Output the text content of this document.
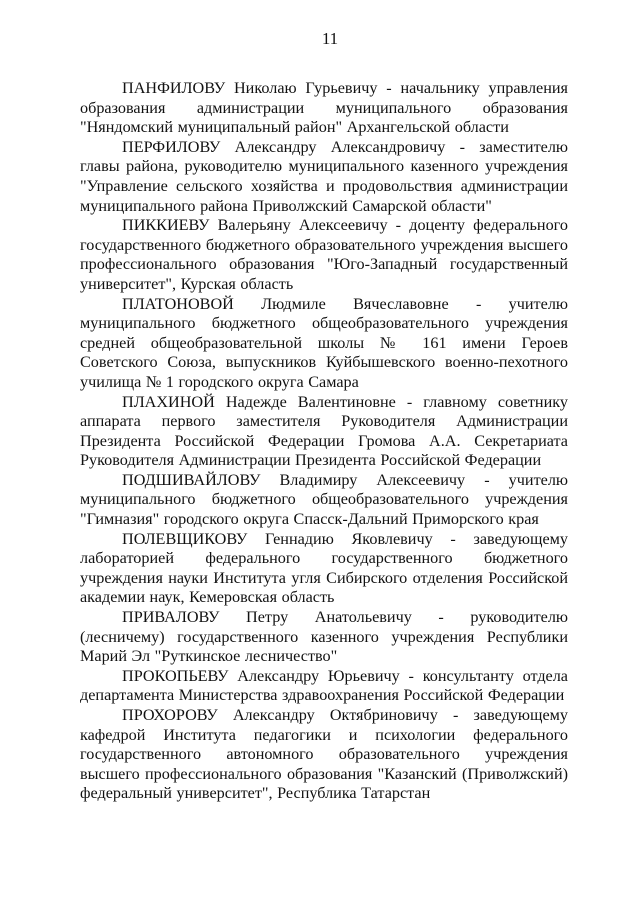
11

ПАНФИЛОВУ Николаю Гурьевичу - начальнику управления образования администрации муниципального образования "Няндомский муниципальный район" Архангельской области

ПЕРФИЛОВУ Александру Александровичу - заместителю главы района, руководителю муниципального казенного учреждения "Управление сельского хозяйства и продовольствия администрации муниципального района Приволжский Самарской области"

ПИККИЕВУ Валерьяну Алексеевичу - доценту федерального государственного бюджетного образовательного учреждения высшего профессионального образования "Юго-Западный государственный университет", Курская область

ПЛАТОНОВОЙ Людмиле Вячеславовне - учителю муниципального бюджетного общеобразовательного учреждения средней общеобразовательной школы № 161 имени Героев Советского Союза, выпускников Куйбышевского военно-пехотного училища № 1 городского округа Самара

ПЛАХИНОЙ Надежде Валентиновне - главному советнику аппарата первого заместителя Руководителя Администрации Президента Российской Федерации Громова А.А. Секретариата Руководителя Администрации Президента Российской Федерации

ПОДШИВАЙЛОВУ Владимиру Алексеевичу - учителю муниципального бюджетного общеобразовательного учреждения "Гимназия" городского округа Спасск-Дальний Приморского края

ПОЛЕВЩИКОВУ Геннадию Яковлевичу - заведующему лабораторией федерального государственного бюджетного учреждения науки Института угля Сибирского отделения Российской академии наук, Кемеровская область

ПРИВАЛОВУ Петру Анатольевичу - руководителю (лесничему) государственного казенного учреждения Республики Марий Эл "Руткинское лесничество"

ПРОКОПЬЕВУ Александру Юрьевичу - консультанту отдела департамента Министерства здравоохранения Российской Федерации

ПРОХОРОВУ Александру Октябриновичу - заведующему кафедрой Института педагогики и психологии федерального государственного автономного образовательного учреждения высшего профессионального образования "Казанский (Приволжский) федеральный университет", Республика Татарстан
